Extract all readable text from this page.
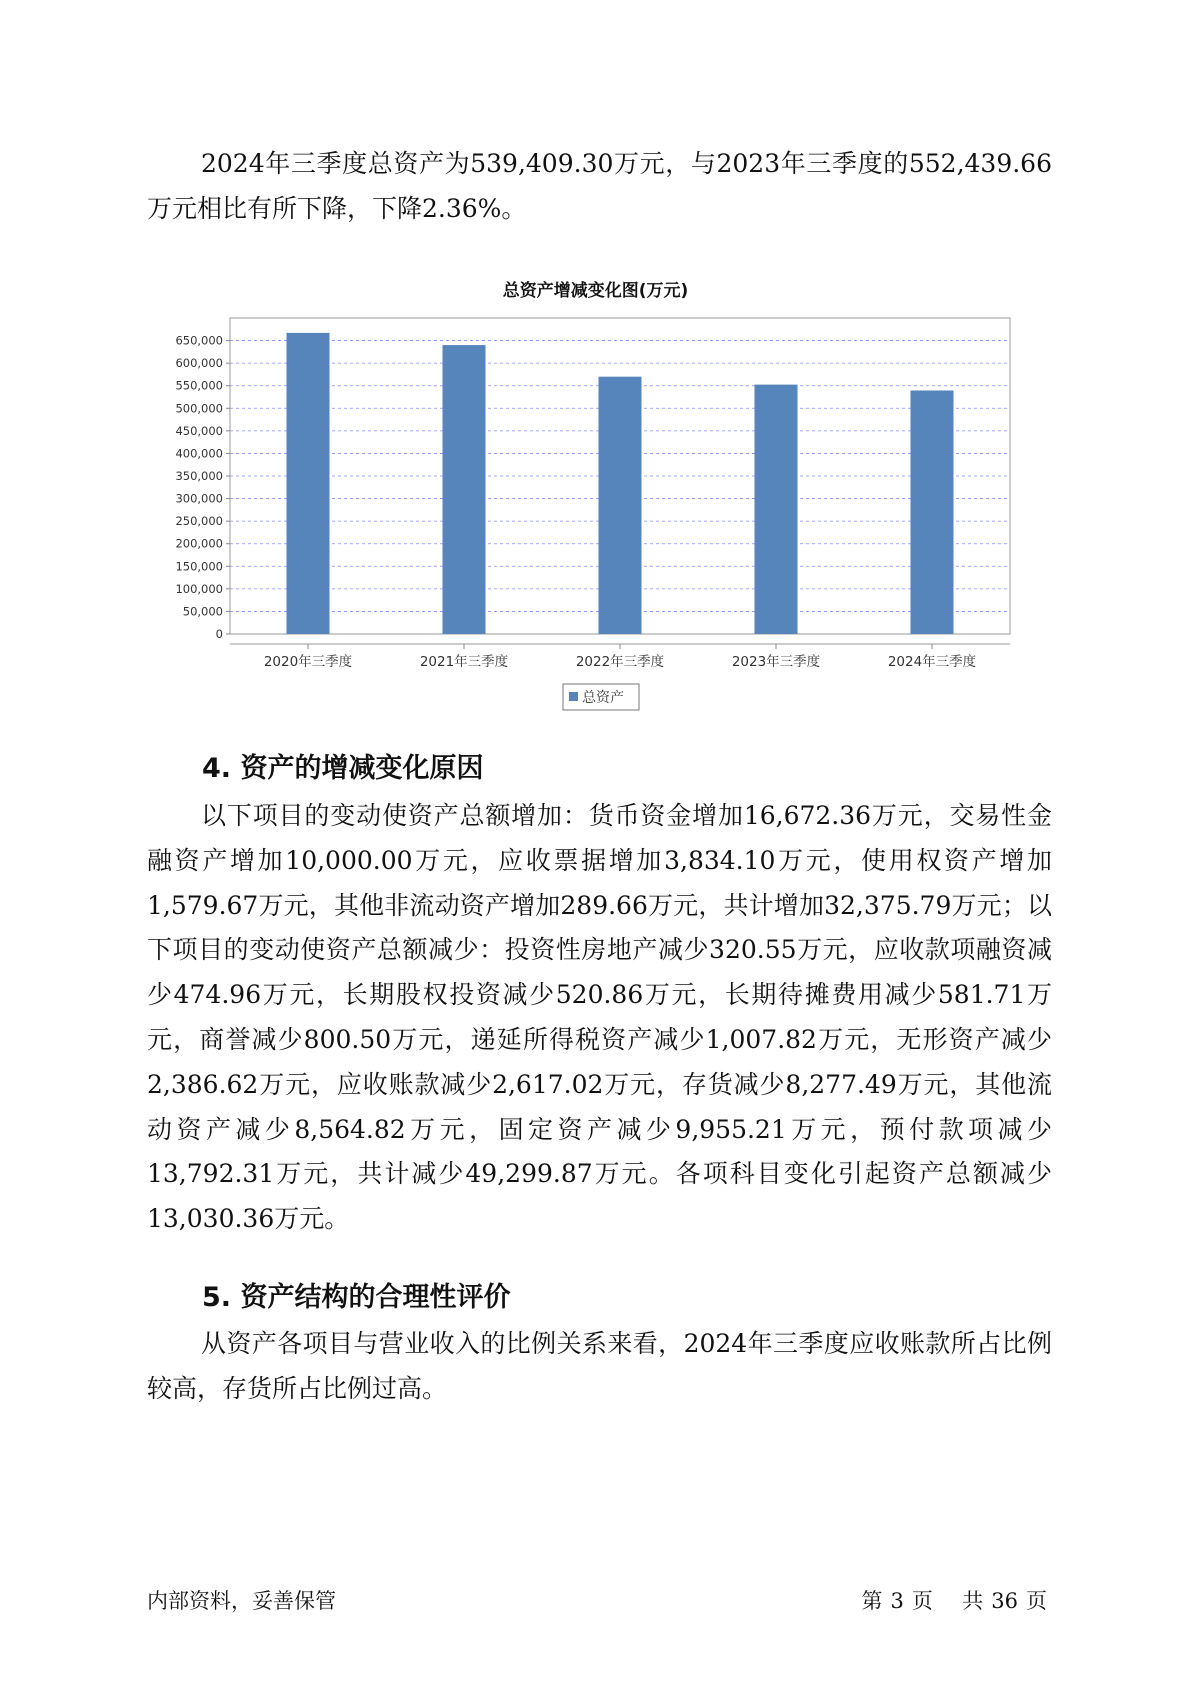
2024年三季度总资产为539,409.30万元，与2023年三季度的552,439.66万元相比有所下降，下降2.36%。

总资产增减变化图(万元)
0
50,000
100,000
150,000
200,000
250,000
300,000
350,000
400,000
450,000
500,000
550,000
600,000
650,000
2020年三季度	2021年三季度	2022年三季度	2023年三季度	2024年三季度
总资产
4. 资产的增减变化原因

以下项目的变动使资产总额增加：货币资金增加16,672.36万元，交易性金融资产增加10,000.00万元，应收票据增加3,834.10万元，使用权资产增加1,579.67万元，其他非流动资产增加289.66万元，共计增加32,375.79万元；以下项目的变动使资产总额减少：投资性房地产减少320.55万元，应收款项融资减少474.96万元，长期股权投资减少520.86万元，长期待摊费用减少581.71万元，商誉减少800.50万元，递延所得税资产减少1,007.82万元，无形资产减少2,386.62万元，应收账款减少2,617.02万元，存货减少8,277.49万元，其他流动资产减少8,564.82万元，固定资产减少9,955.21万元，预付款项减少13,792.31万元，共计减少49,299.87万元。各项科目变化引起资产总额减少13,030.36万元。

5. 资产结构的合理性评价

从资产各项目与营业收入的比例关系来看，2024年三季度应收账款所占比例较高，存货所占比例过高。

内部资料，妥善保管	第 3 页 共 36 页
